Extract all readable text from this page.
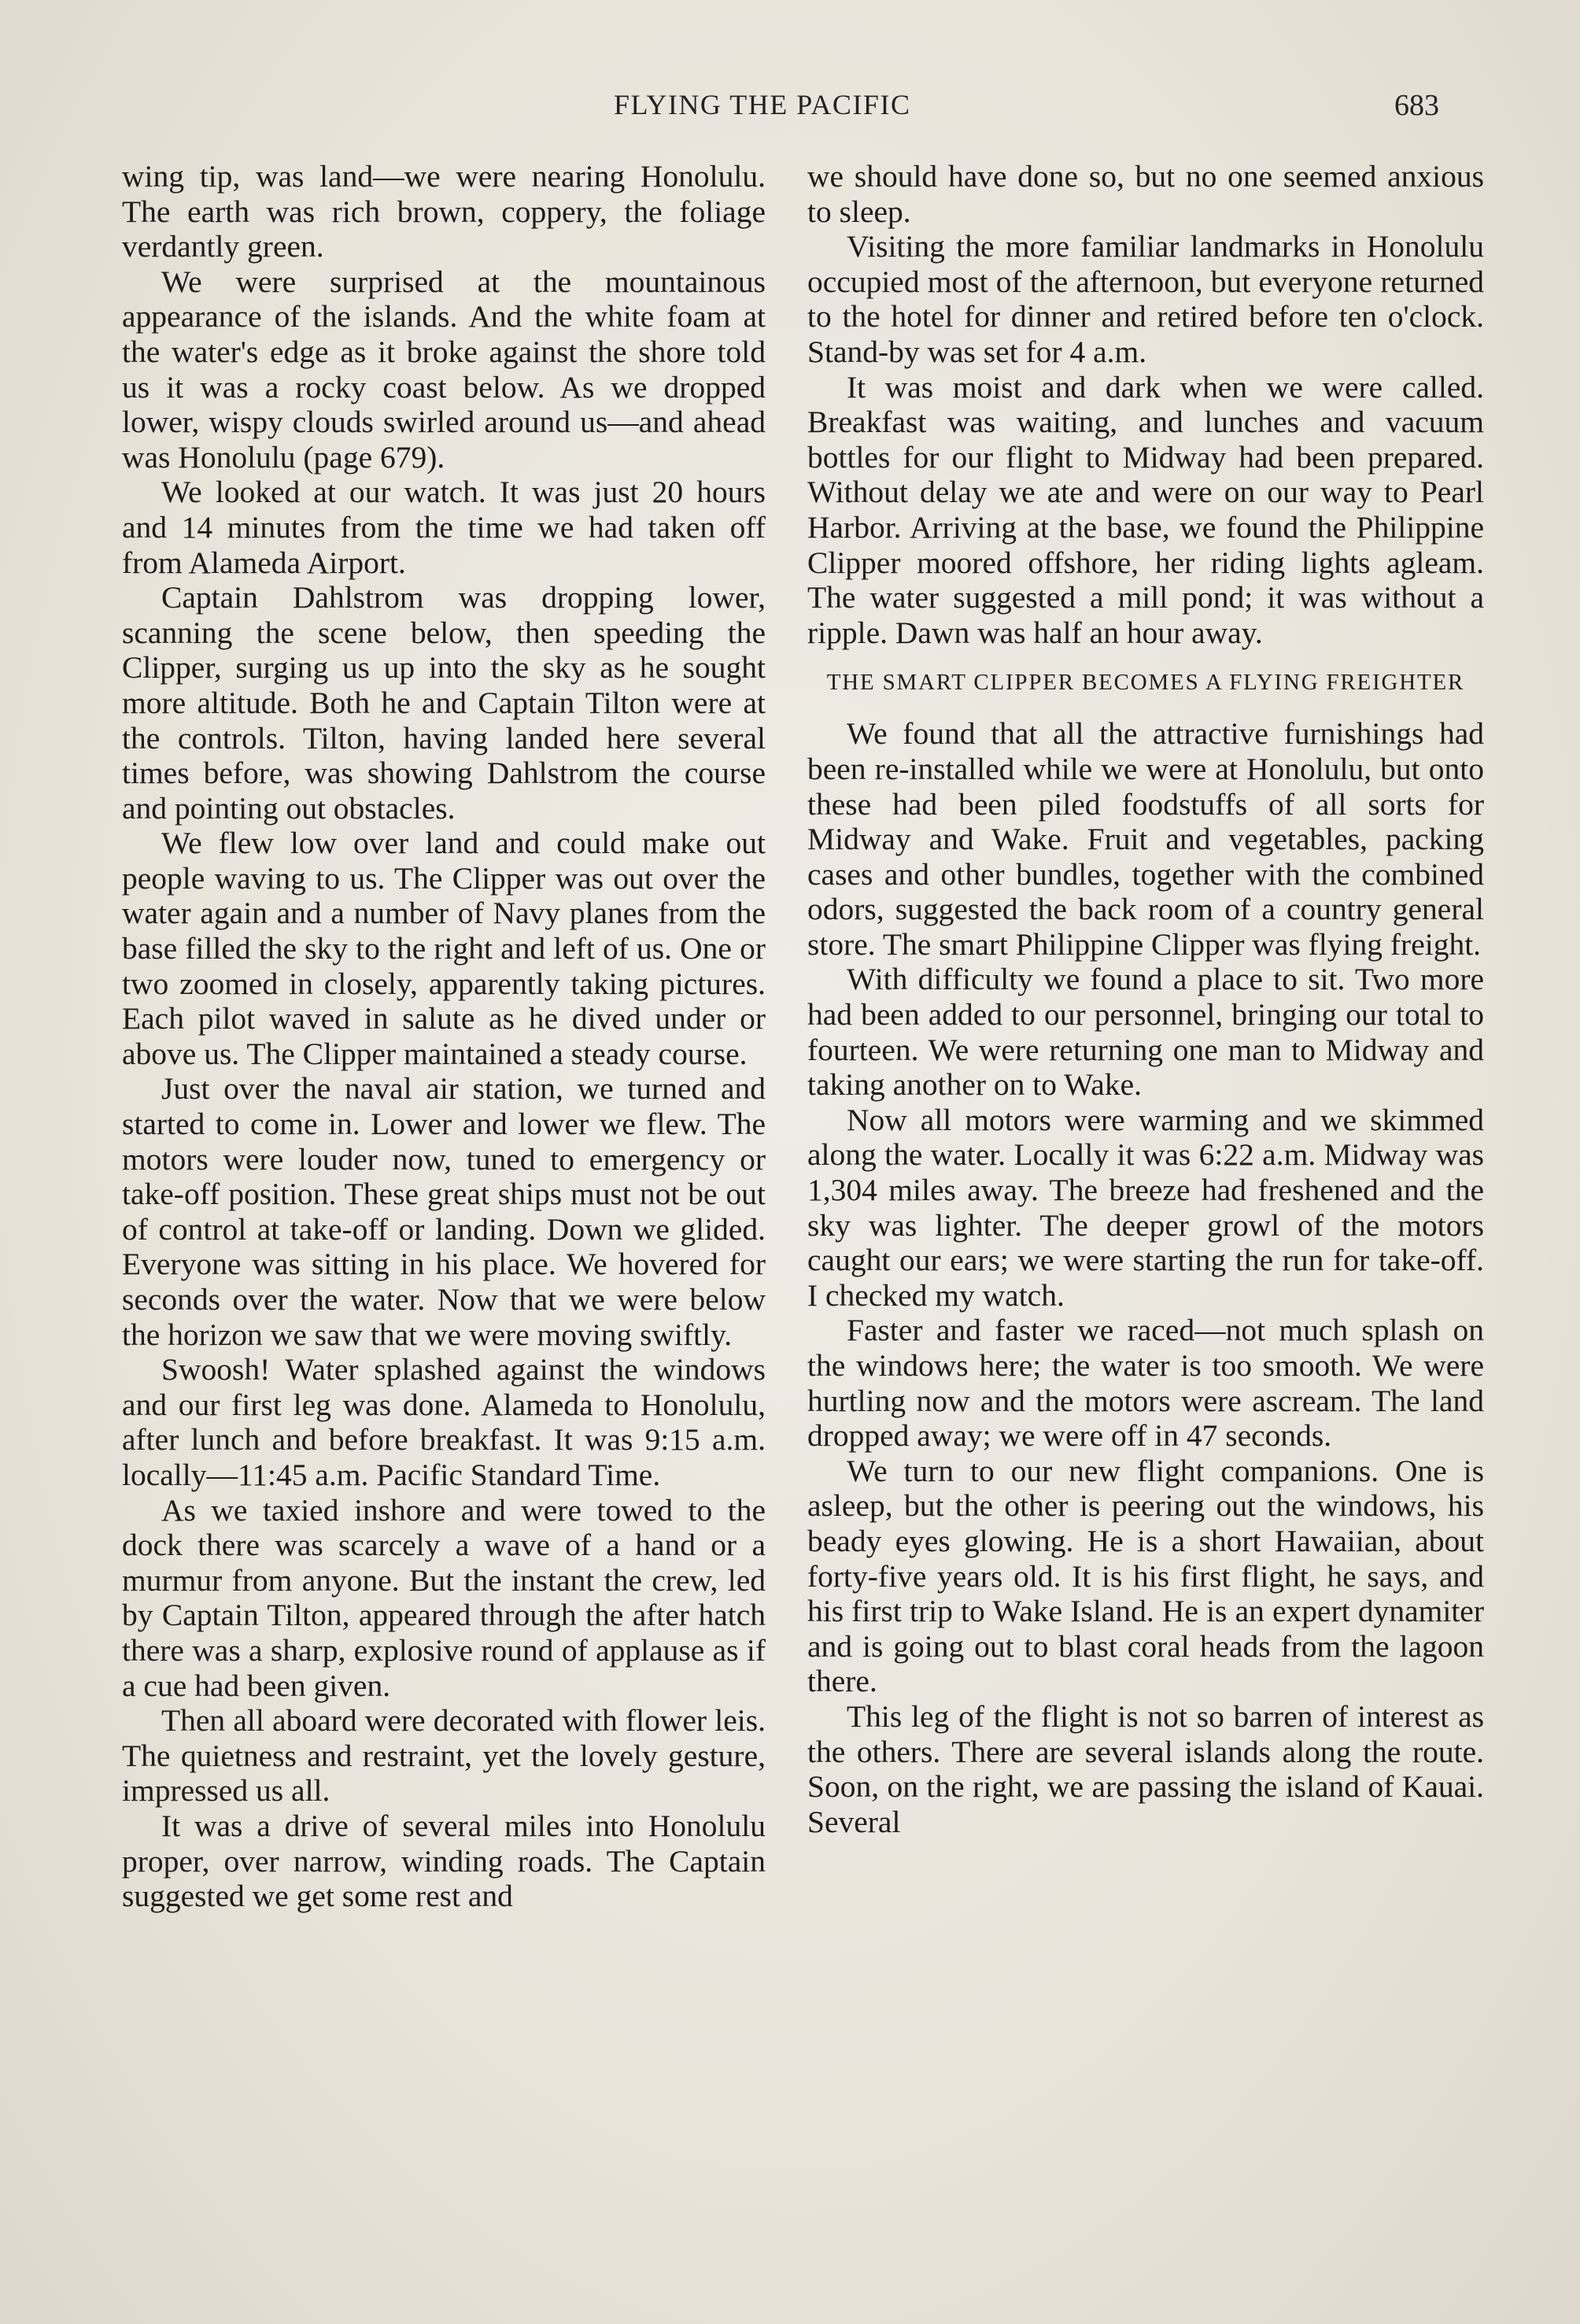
FLYING THE PACIFIC	683

wing tip, was land—we were nearing Honolulu. The earth was rich brown, coppery, the foliage verdantly green.

We were surprised at the mountainous appearance of the islands. And the white foam at the water's edge as it broke against the shore told us it was a rocky coast below. As we dropped lower, wispy clouds swirled around us—and ahead was Honolulu (page 679).

We looked at our watch. It was just 20 hours and 14 minutes from the time we had taken off from Alameda Airport.

Captain Dahlstrom was dropping lower, scanning the scene below, then speeding the Clipper, surging us up into the sky as he sought more altitude. Both he and Captain Tilton were at the controls. Tilton, having landed here several times before, was showing Dahlstrom the course and pointing out obstacles.

We flew low over land and could make out people waving to us. The Clipper was out over the water again and a number of Navy planes from the base filled the sky to the right and left of us. One or two zoomed in closely, apparently taking pictures. Each pilot waved in salute as he dived under or above us. The Clipper maintained a steady course.

Just over the naval air station, we turned and started to come in. Lower and lower we flew. The motors were louder now, tuned to emergency or take-off position. These great ships must not be out of control at take-off or landing. Down we glided. Everyone was sitting in his place. We hovered for seconds over the water. Now that we were below the horizon we saw that we were moving swiftly.

Swoosh! Water splashed against the windows and our first leg was done. Alameda to Honolulu, after lunch and before breakfast. It was 9:15 a.m. locally—11:45 a.m. Pacific Standard Time.

As we taxied inshore and were towed to the dock there was scarcely a wave of a hand or a murmur from anyone. But the instant the crew, led by Captain Tilton, appeared through the after hatch there was a sharp, explosive round of applause as if a cue had been given.

Then all aboard were decorated with flower leis. The quietness and restraint, yet the lovely gesture, impressed us all.

It was a drive of several miles into Honolulu proper, over narrow, winding roads. The Captain suggested we get some rest and

we should have done so, but no one seemed anxious to sleep.

Visiting the more familiar landmarks in Honolulu occupied most of the afternoon, but everyone returned to the hotel for dinner and retired before ten o'clock. Stand-by was set for 4 a.m.

It was moist and dark when we were called. Breakfast was waiting, and lunches and vacuum bottles for our flight to Midway had been prepared. Without delay we ate and were on our way to Pearl Harbor. Arriving at the base, we found the Philippine Clipper moored offshore, her riding lights agleam. The water suggested a mill pond; it was without a ripple. Dawn was half an hour away.

THE SMART CLIPPER BECOMES A FLYING FREIGHTER

We found that all the attractive furnishings had been re-installed while we were at Honolulu, but onto these had been piled foodstuffs of all sorts for Midway and Wake. Fruit and vegetables, packing cases and other bundles, together with the combined odors, suggested the back room of a country general store. The smart Philippine Clipper was flying freight.

With difficulty we found a place to sit. Two more had been added to our personnel, bringing our total to fourteen. We were returning one man to Midway and taking another on to Wake.

Now all motors were warming and we skimmed along the water. Locally it was 6:22 a.m. Midway was 1,304 miles away. The breeze had freshened and the sky was lighter. The deeper growl of the motors caught our ears; we were starting the run for take-off. I checked my watch.

Faster and faster we raced—not much splash on the windows here; the water is too smooth. We were hurtling now and the motors were ascream. The land dropped away; we were off in 47 seconds.

We turn to our new flight companions. One is asleep, but the other is peering out the windows, his beady eyes glowing. He is a short Hawaiian, about forty-five years old. It is his first flight, he says, and his first trip to Wake Island. He is an expert dynamiter and is going out to blast coral heads from the lagoon there.

This leg of the flight is not so barren of interest as the others. There are several islands along the route. Soon, on the right, we are passing the island of Kauai. Several
